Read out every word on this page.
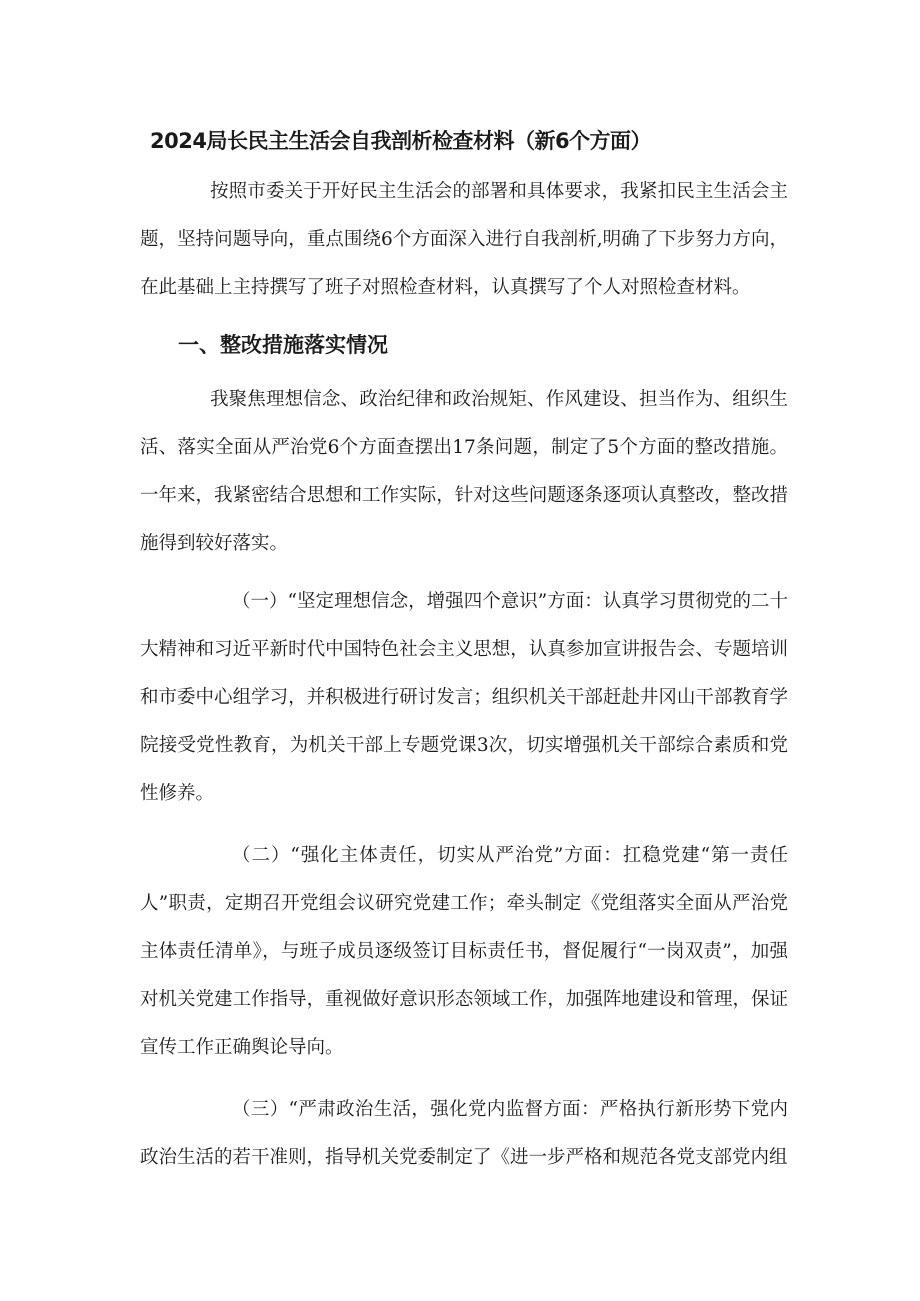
2024局长民主生活会自我剖析检查材料（新6个方面）

按照市委关于开好民主生活会的部署和具体要求，我紧扣民主生活会主题，坚持问题导向，重点围绕6个方面深入进行自我剖析,明确了下步努力方向，在此基础上主持撰写了班子对照检查材料，认真撰写了个人对照检查材料。

一、整改措施落实情况

我聚焦理想信念、政治纪律和政治规矩、作风建设、担当作为、组织生活、落实全面从严治党6个方面查摆出17条问题，制定了5个方面的整改措施。一年来，我紧密结合思想和工作实际，针对这些问题逐条逐项认真整改，整改措施得到较好落实。

（一）“坚定理想信念，增强四个意识”方面：认真学习贯彻党的二十大精神和习近平新时代中国特色社会主义思想，认真参加宣讲报告会、专题培训和市委中心组学习，并积极进行研讨发言；组织机关干部赶赴井冈山干部教育学院接受党性教育，为机关干部上专题党课3次，切实增强机关干部综合素质和党性修养。

（二）“强化主体责任，切实从严治党”方面：扛稳党建“第一责任人”职责，定期召开党组会议研究党建工作；牵头制定《党组落实全面从严治党主体责任清单》，与班子成员逐级签订目标责任书，督促履行“一岗双责”，加强对机关党建工作指导，重视做好意识形态领域工作，加强阵地建设和管理，保证宣传工作正确舆论导向。

（三）“严肃政治生活，强化党内监督方面：严格执行新形势下党内政治生活的若干准则，指导机关党委制定了《进一步严格和规范各党支部党内组
